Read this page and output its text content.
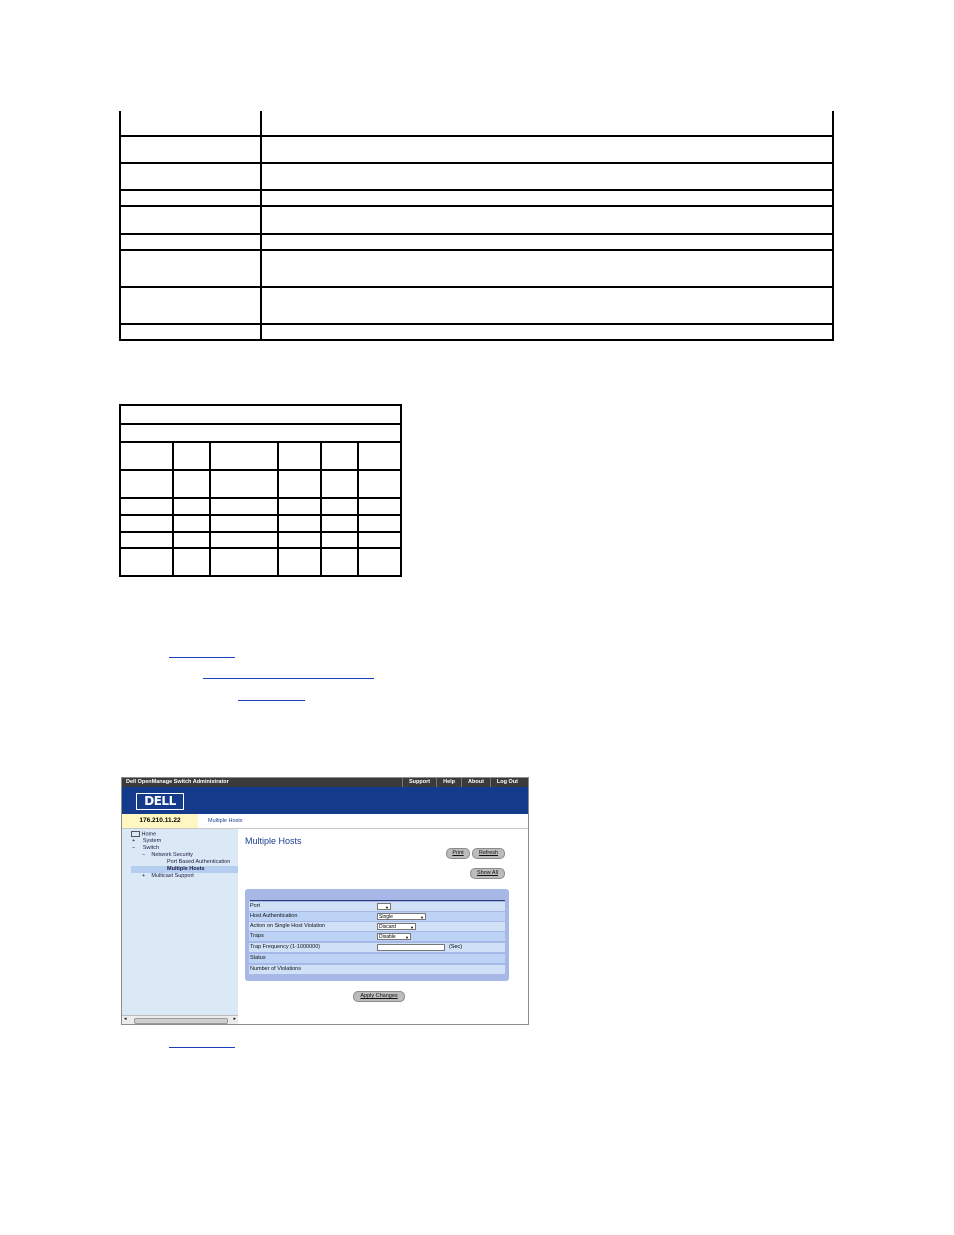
Dell OpenManage Switch Administrator	Support	Help	About	Log Out
DELL
176.210.11.22	Multiple Hosts
Home
+ System
− Switch
− Network Security
Port Based Authentication
Multiple Hosts
+ Multicast Support
◂	▸
Multiple Hosts
Print	Refresh
Show All
Port	▼
Host Authentication	Single	▼
Action on Single Host Violation	Discard	▼
Traps	Disable ▼
Trap Frequency (1-1000000)	(Sec)
Status
Number of Violations
Apply Changes
